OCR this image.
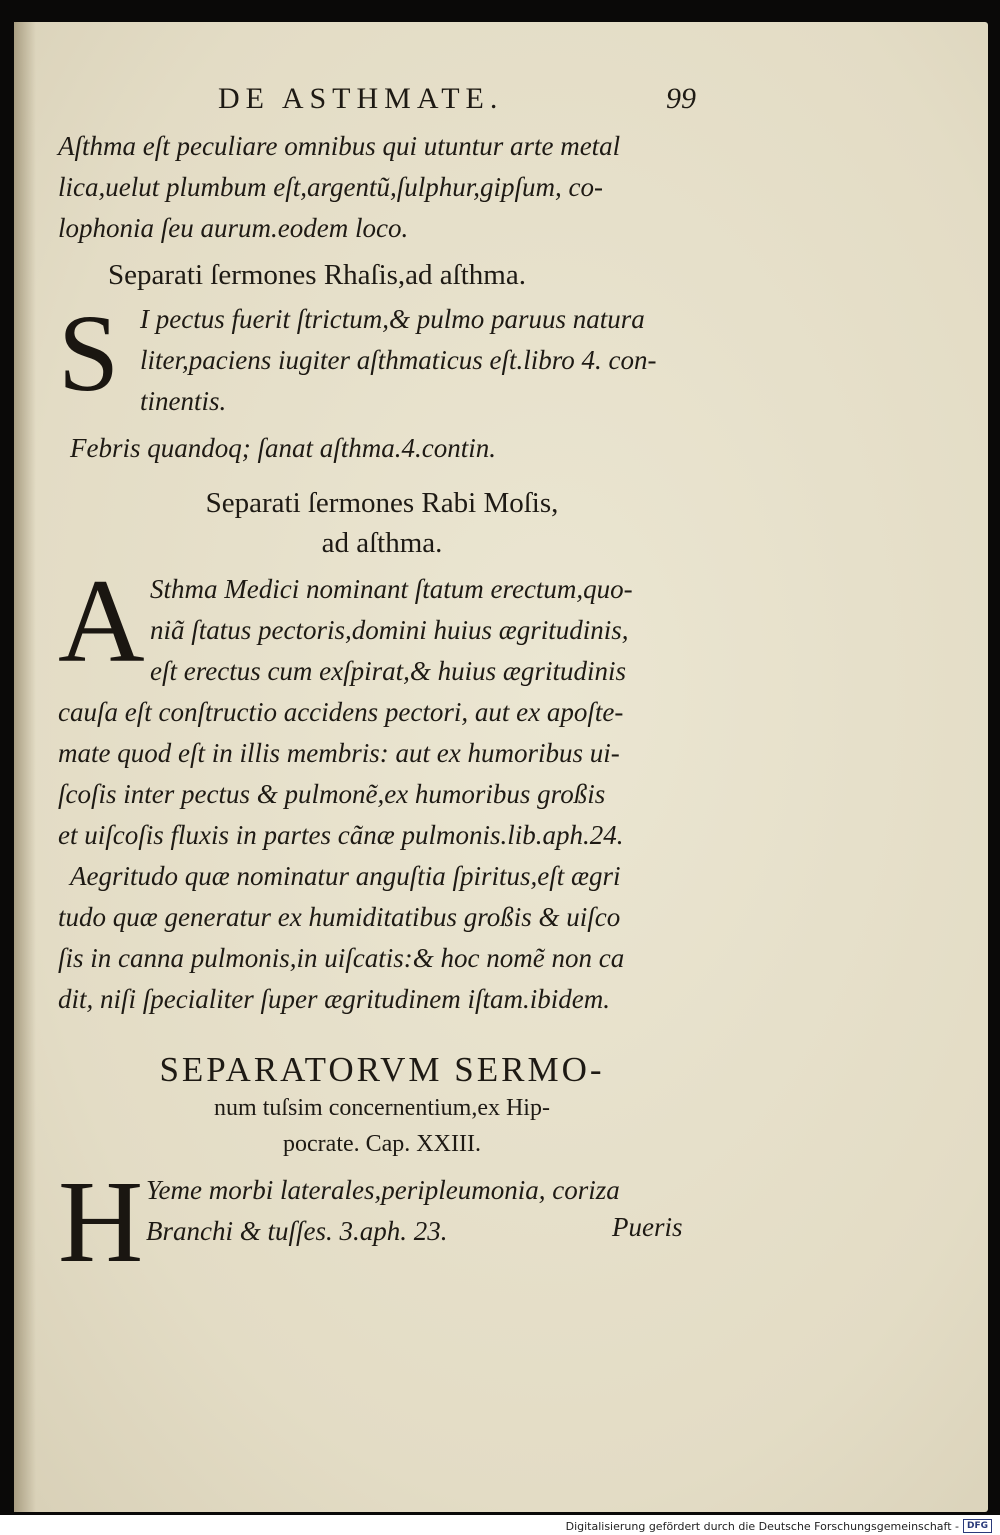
DE ASTHMATE.	99
Aſthma eſt peculiare omnibus qui utuntur arte metal
lica,uelut plumbum eſt,argentũ,ſulphur,gipſum, co-
lophonia ſeu aurum.eodem loco.
Separati ſermones Rhaſis,ad aſthma.
S I pectus fuerit ſtrictum,& pulmo paruus natura
liter,paciens iugiter aſthmaticus eſt.libro 4. con-
tinentis.
Febris quandoq; ſanat aſthma.4.contin.
Separati ſermones Rabi Moſis,
ad aſthma.
A Sthma Medici nominant ſtatum erectum,quo-
niã ſtatus pectoris,domini huius ægritudinis,
eſt erectus cum exſpirat,& huius ægritudinis
cauſa eſt conſtructio accidens pectori, aut ex apoſte-
mate quod eſt in illis membris: aut ex humoribus ui-
ſcoſis inter pectus & pulmonẽ,ex humoribus großis
et uiſcoſis fluxis in partes cãnæ pulmonis.lib.aph.24.
Aegritudo quæ nominatur anguſtia ſpiritus,eſt ægri
tudo quæ generatur ex humiditatibus großis & uiſco
ſis in canna pulmonis,in uiſcatis:& hoc nomẽ non ca
dit, niſi ſpecialiter ſuper ægritudinem iſtam.ibidem.
SEPARATORVM SERMO-
num tuſsim concernentium,ex Hip-
pocrate. Cap. XXIII.
H Yeme morbi laterales,peripleumonia, coriza
Branchi & tuſſes. 3.aph. 23.	Pueris
Digitalisierung gefördert durch die Deutsche Forschungsgemeinschaft - DFG
